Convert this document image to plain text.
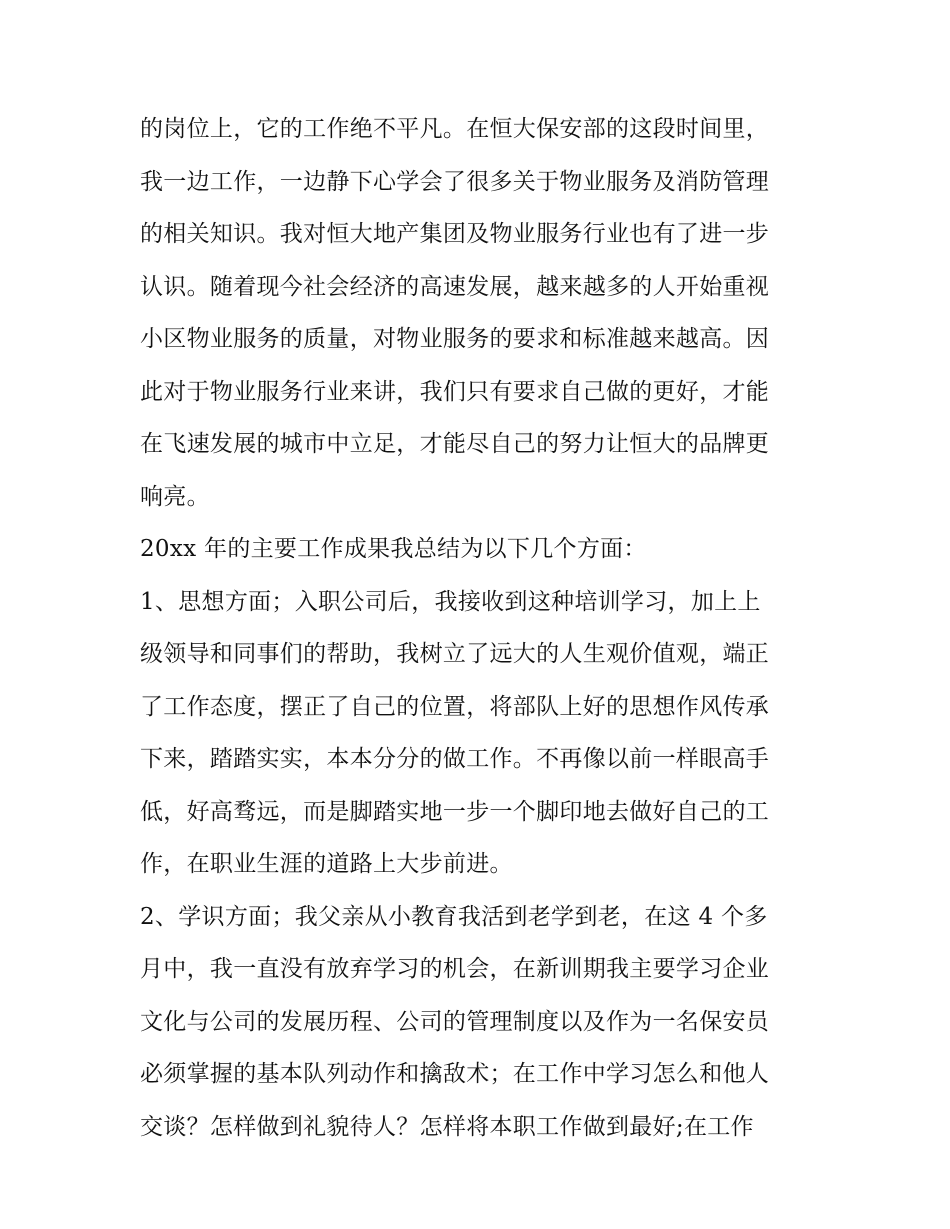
的岗位上，它的工作绝不平凡。在恒大保安部的这段时间里，
我一边工作，一边静下心学会了很多关于物业服务及消防管理
的相关知识。我对恒大地产集团及物业服务行业也有了进一步
认识。随着现今社会经济的高速发展，越来越多的人开始重视
小区物业服务的质量，对物业服务的要求和标准越来越高。因
此对于物业服务行业来讲，我们只有要求自己做的更好，才能
在飞速发展的城市中立足，才能尽自己的努力让恒大的品牌更
响亮。
20xx 年的主要工作成果我总结为以下几个方面：
1、思想方面；入职公司后，我接收到这种培训学习，加上上
级领导和同事们的帮助，我树立了远大的人生观价值观，端正
了工作态度，摆正了自己的位置，将部队上好的思想作风传承
下来，踏踏实实，本本分分的做工作。不再像以前一样眼高手
低，好高骛远，而是脚踏实地一步一个脚印地去做好自己的工
作，在职业生涯的道路上大步前进。
2、学识方面；我父亲从小教育我活到老学到老，在这 4 个多
月中，我一直没有放弃学习的机会，在新训期我主要学习企业
文化与公司的发展历程、公司的管理制度以及作为一名保安员
必须掌握的基本队列动作和擒敌术；在工作中学习怎么和他人
交谈？怎样做到礼貌待人？怎样将本职工作做到最好;在工作
